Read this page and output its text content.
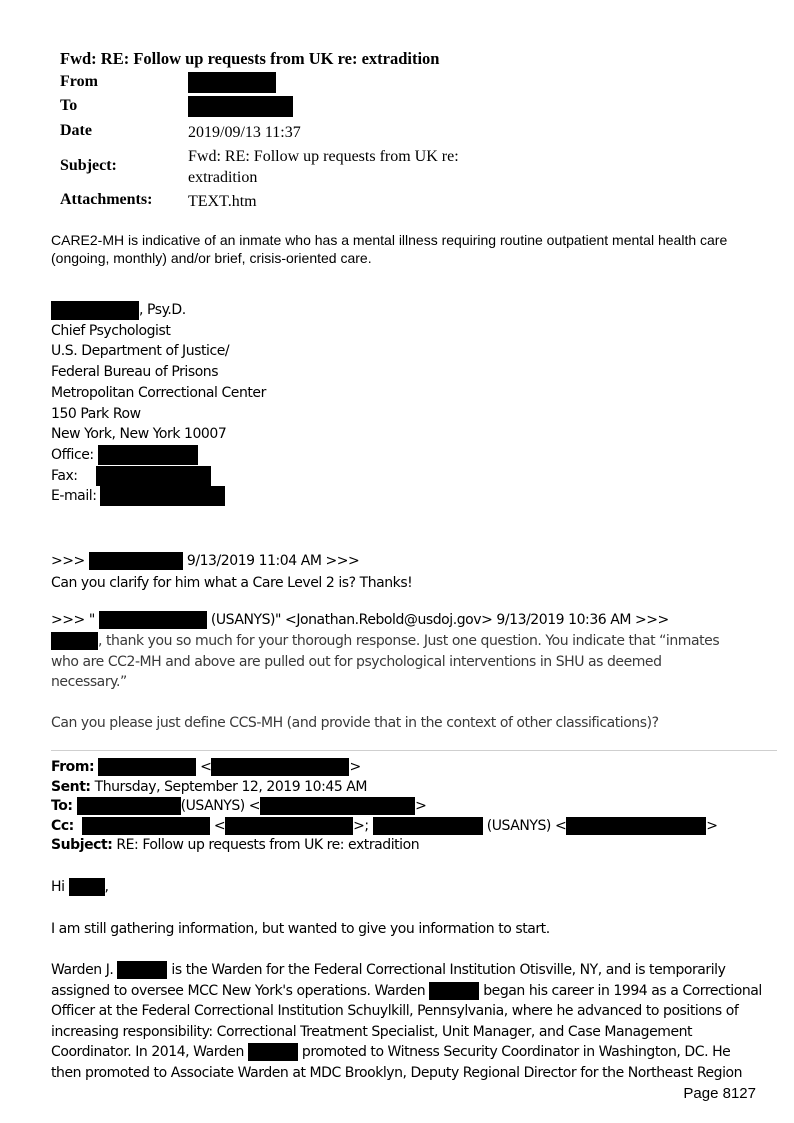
Fwd: RE: Follow up requests from UK re: extradition
From
To
Date	2019/09/13 11:37
Subject:
Fwd: RE: Follow up requests from UK re:
extradition
Attachments: TEXT.htm
CARE2-MH is indicative of an inmate who has a mental illness requiring routine outpatient mental health care
(ongoing, monthly) and/or brief, crisis-oriented care.
, Psy.D.
Chief Psychologist
U.S. Department of Justice/
Federal Bureau of Prisons
Metropolitan Correctional Center
150 Park Row
New York, New York 10007
Office:
Fax:
E-mail:
>>>	9/13/2019 11:04 AM >>>
Can you clarify for him what a Care Level 2 is? Thanks!
>>> "	(USANYS)" <Jonathan.Rebold@usdoj.gov> 9/13/2019 10:36 AM >>>
, thank you so much for your thorough response. Just one question. You indicate that “inmates
who are CC2-MH and above are pulled out for psychological interventions in SHU as deemed
necessary.”
Can you please just define CCS-MH (and provide that in the context of other classifications)?
From:	<	>
Sent: Thursday, September 12, 2019 10:45 AM
To:	(USANYS) <	>
Cc:	<	>;	(USANYS) <	>
Subject: RE: Follow up requests from UK re: extradition
Hi	,
I am still gathering information, but wanted to give you information to start.
Warden J.	is the Warden for the Federal Correctional Institution Otisville, NY, and is temporarily
assigned to oversee MCC New York's operations. Warden	began his career in 1994 as a Correctional
Officer at the Federal Correctional Institution Schuylkill, Pennsylvania, where he advanced to positions of
increasing responsibility: Correctional Treatment Specialist, Unit Manager, and Case Management
Coordinator. In 2014, Warden	promoted to Witness Security Coordinator in Washington, DC. He
then promoted to Associate Warden at MDC Brooklyn, Deputy Regional Director for the Northeast Region
Page 8127
